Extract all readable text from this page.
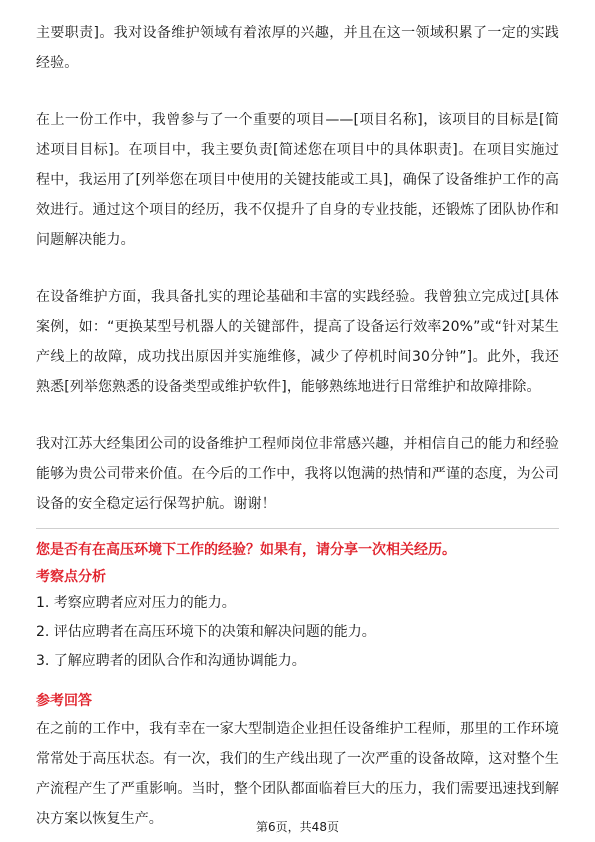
主要职责]。我对设备维护领域有着浓厚的兴趣，并且在这一领域积累了一定的实践经验。

在上一份工作中，我曾参与了一个重要的项目——[项目名称]，该项目的目标是[简述项目目标]。在项目中，我主要负责[简述您在项目中的具体职责]。在项目实施过程中，我运用了[列举您在项目中使用的关键技能或工具]，确保了设备维护工作的高效进行。通过这个项目的经历，我不仅提升了自身的专业技能，还锻炼了团队协作和问题解决能力。

在设备维护方面，我具备扎实的理论基础和丰富的实践经验。我曾独立完成过[具体案例，如：“更换某型号机器人的关键部件，提高了设备运行效率20%”或“针对某生产线上的故障，成功找出原因并实施维修，减少了停机时间30分钟”]。此外，我还熟悉[列举您熟悉的设备类型或维护软件]，能够熟练地进行日常维护和故障排除。

我对江苏大经集团公司的设备维护工程师岗位非常感兴趣，并相信自己的能力和经验能够为贵公司带来价值。在今后的工作中，我将以饱满的热情和严谨的态度，为公司设备的安全稳定运行保驾护航。谢谢！

您是否有在高压环境下工作的经验？如果有，请分享一次相关经历。

考察点分析

1. 考察应聘者应对压力的能力。

2. 评估应聘者在高压环境下的决策和解决问题的能力。

3. 了解应聘者的团队合作和沟通协调能力。

参考回答

在之前的工作中，我有幸在一家大型制造企业担任设备维护工程师，那里的工作环境常常处于高压状态。有一次，我们的生产线出现了一次严重的设备故障，这对整个生产流程产生了严重影响。当时，整个团队都面临着巨大的压力，我们需要迅速找到解决方案以恢复生产。	第6页，共48页
